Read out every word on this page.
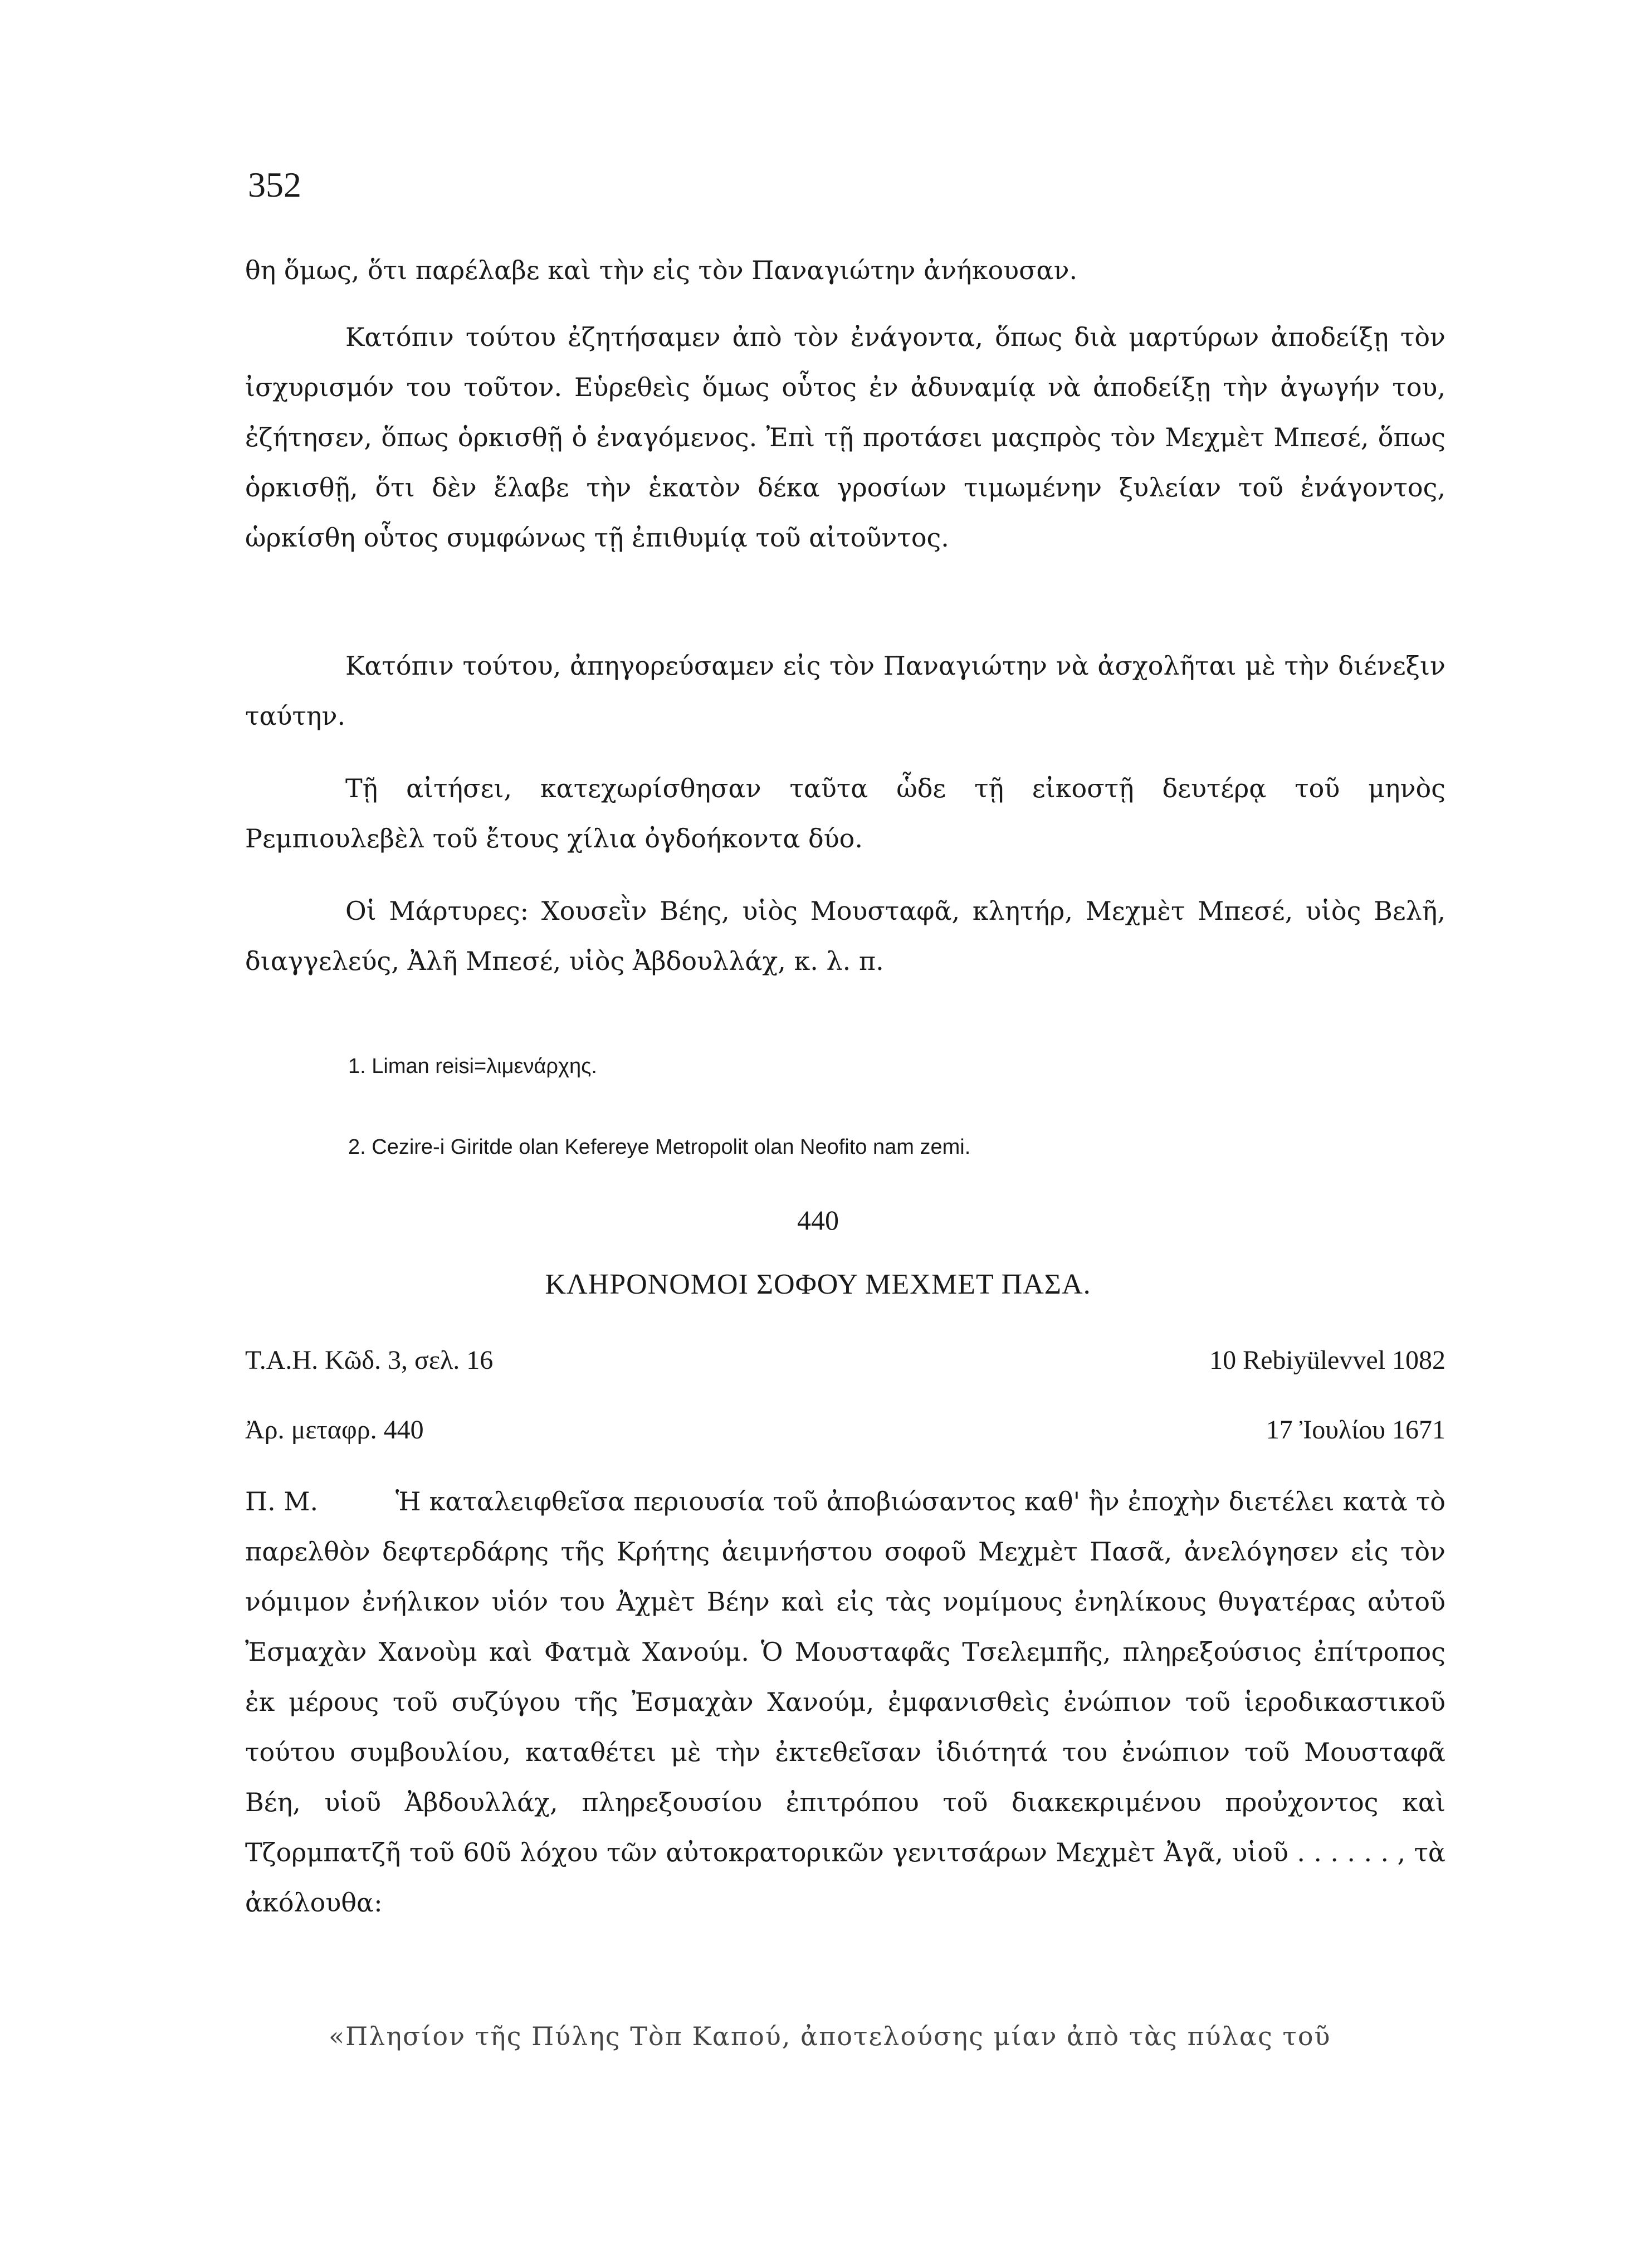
352

θη ὅμως, ὅτι παρέλαβε καὶ τὴν εἰς τὸν Παναγιώτην ἀνήκουσαν.

Κατόπιν τούτου ἐζητήσαμεν ἀπὸ τὸν ἐνάγοντα, ὅπως διὰ μαρτύρων ἀποδείξῃ τὸν ἰσχυρισμόν του τοῦτον. Εὑρεθεὶς ὅμως οὗτος ἐν ἀδυναμίᾳ νὰ ἀποδείξῃ τὴν ἀγωγήν του, ἐζήτησεν, ὅπως ὁρκισθῇ ὁ ἐναγόμενος. Ἐπὶ τῇ προτάσει μαςπρὸς τὸν Μεχμὲτ Μπεσέ, ὅπως ὁρκισθῇ, ὅτι δὲν ἔλαβε τὴν ἑκατὸν δέκα γροσίων τιμωμένην ξυλείαν τοῦ ἐνάγοντος, ὡρκίσθη οὗτος συμφώνως τῇ ἐπιθυμίᾳ τοῦ αἰτοῦντος.

Κατόπιν τούτου, ἀπηγορεύσαμεν εἰς τὸν Παναγιώτην νὰ ἀσχολῆται μὲ τὴν διένεξιν ταύτην.

Τῇ αἰτήσει, κατεχωρίσθησαν ταῦτα ὧδε τῇ εἰκοστῇ δευτέρᾳ τοῦ μηνὸς Ρεμπιουλεβὲλ τοῦ ἔτους χίλια ὀγδοήκοντα δύο.

Οἱ Μάρτυρες: Χουσεῒν Βέης, υἱὸς Μουσταφᾶ, κλητήρ, Μεχμὲτ Μπεσέ, υἱὸς Βελῆ, διαγγελεύς, Ἀλῆ Μπεσέ, υἱὸς Ἀβδουλλάχ, κ. λ. π.

1. Liman reisi=λιμενάρχης.
2. Cezire-i Giritde olan Kefereye Metropolit olan Neofito nam zemi.
440
ΚΛΗΡΟΝΟΜΟΙ ΣΟΦΟΥ ΜΕΧΜΕΤ ΠΑΣΑ.
Τ.Α.Η. Κῶδ. 3, σελ. 16	10 Rebiyülevvel 1082
Ἀρ. μεταφρ. 440	17 Ἰουλίου 1671

Π. Μ.	Ἡ καταλειφθεῖσα περιουσία τοῦ ἀποβιώσαντος καθ' ἣν ἐποχὴν διετέλει κατὰ τὸ παρελθὸν δεφτερδάρης τῆς Κρήτης ἀειμνήστου σοφοῦ Μεχμὲτ Πασᾶ, ἀνελόγησεν εἰς τὸν νόμιμον ἐνήλικον υἱόν του Ἀχμὲτ Βέην καὶ εἰς τὰς νομίμους ἐνηλίκους θυγατέρας αὐτοῦ Ἐσμαχὰν Χανοὺμ καὶ Φατμὰ Χανούμ. Ὁ Μουσταφᾶς Τσελεμπῆς, πληρεξούσιος ἐπίτροπος ἐκ μέρους τοῦ συζύγου τῆς Ἐσμαχὰν Χανούμ, ἐμφανισθεὶς ἐνώπιον τοῦ ἱεροδικαστικοῦ τούτου συμβουλίου, καταθέτει μὲ τὴν ἐκτεθεῖσαν ἰδιότητά του ἐνώπιον τοῦ Μουσταφᾶ Βέη, υἱοῦ Ἀβδουλλάχ, πληρεξουσίου ἐπιτρόπου τοῦ διακεκριμένου προὐχοντος καὶ Τζορμπατζῆ τοῦ 60ῦ λόχου τῶν αὐτοκρατορικῶν γενιτσάρων Μεχμὲτ Ἀγᾶ, υἱοῦ . . . . . . , τὰ ἀκόλουθα:

«Πλησίον τῆς Πύλης Τὸπ Καπού, ἀποτελούσης μίαν ἀπὸ τὰς πύλας τοῦ
